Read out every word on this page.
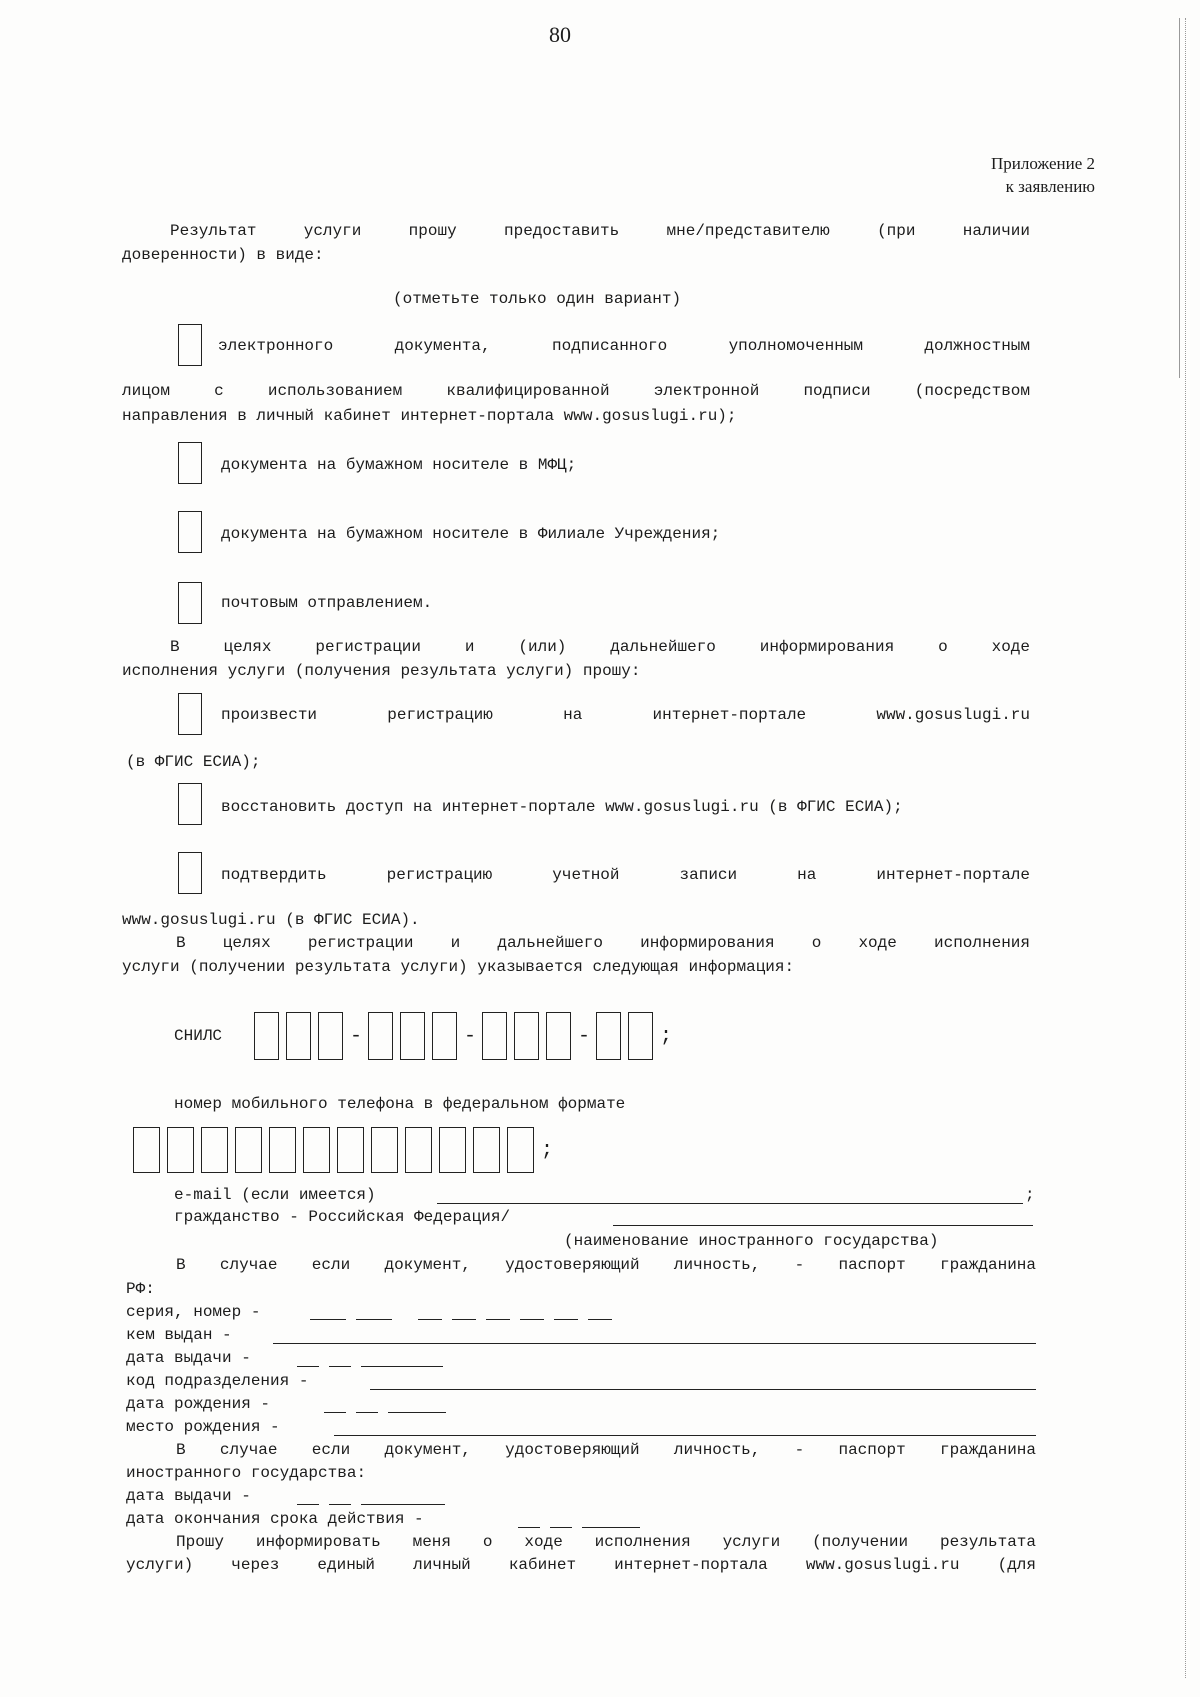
80
Приложение 2
к заявлению
Результат услуги прошу предоставить мне/представителю (при наличии
доверенности) в виде:
(отметьте только один вариант)
электронного документа, подписанного уполномоченным должностным
лицом с использованием квалифицированной электронной подписи (посредством
направления в личный кабинет интернет-портала www.gosuslugi.ru);
документа на бумажном носителе в МФЦ;
документа на бумажном носителе в Филиале Учреждения;
почтовым отправлением.
В целях регистрации и (или) дальнейшего информирования о ходе
исполнения услуги (получения результата услуги) прошу:
произвести регистрацию на интернет-портале www.gosuslugi.ru
(в ФГИС ЕСИА);
восстановить доступ на интернет-портале www.gosuslugi.ru (в ФГИС ЕСИА);
подтвердить регистрацию учетной записи на интернет-портале
www.gosuslugi.ru (в ФГИС ЕСИА).
В целях регистрации и дальнейшего информирования о ходе исполнения
услуги (получении результата услуги) указывается следующая информация:
СНИЛС	-	-	-	;
номер мобильного телефона в федеральном формате
;
e-mail (если имеется)	;
гражданство - Российская Федерация/
(наименование иностранного государства)
В случае если документ, удостоверяющий личность, - паспорт гражданина
РФ:
серия, номер -
кем выдан -
дата выдачи -
код подразделения -
дата рождения -
место рождения -
В случае если документ, удостоверяющий личность, - паспорт гражданина
иностранного государства:
дата выдачи -
дата окончания срока действия -
Прошу информировать меня о ходе исполнения услуги (получении результата
услуги) через единый личный кабинет интернет-портала www.gosuslugi.ru (для
